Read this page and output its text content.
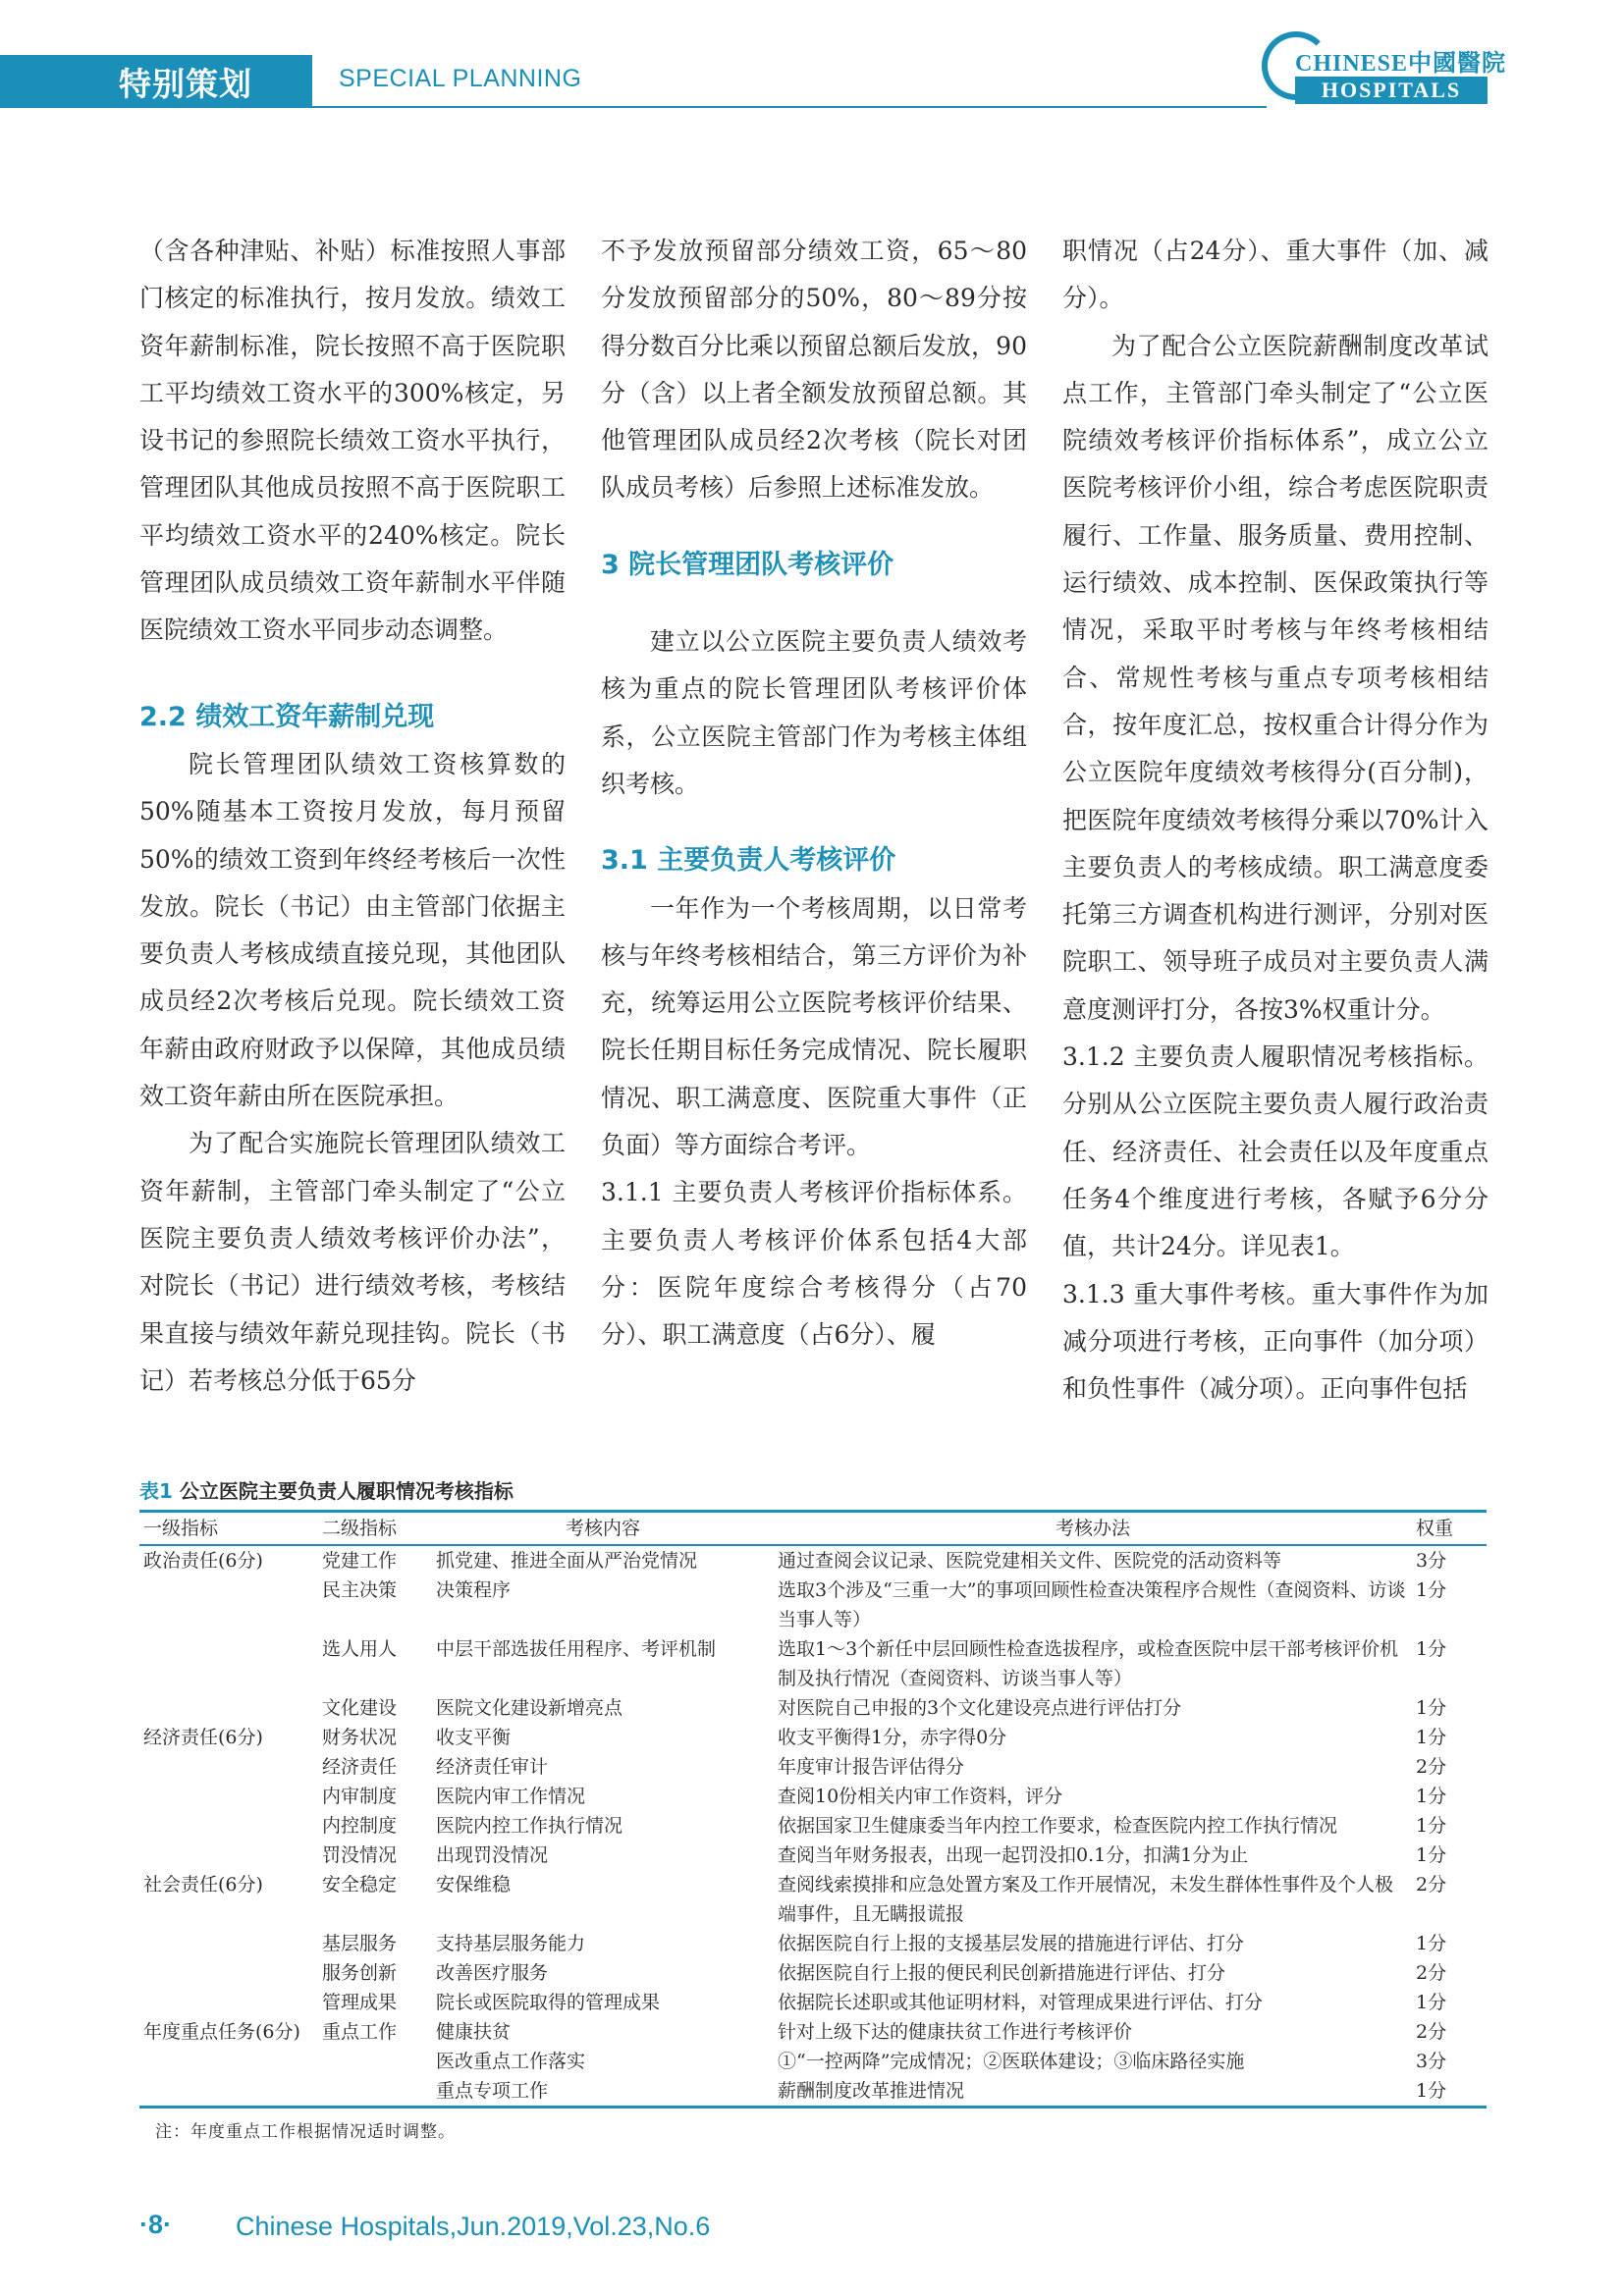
特别策划	SPECIAL PLANNING
CHINESE中國醫院
HOSPITALS

（含各种津贴、补贴）标准按照人事部门核定的标准执行，按月发放。绩效工资年薪制标准，院长按照不高于医院职工平均绩效工资水平的300%核定，另设书记的参照院长绩效工资水平执行，管理团队其他成员按照不高于医院职工平均绩效工资水平的240%核定。院长管理团队成员绩效工资年薪制水平伴随医院绩效工资水平同步动态调整。

2.2 绩效工资年薪制兑现

院长管理团队绩效工资核算数的50%随基本工资按月发放，每月预留50%的绩效工资到年终经考核后一次性发放。院长（书记）由主管部门依据主要负责人考核成绩直接兑现，其他团队成员经2次考核后兑现。院长绩效工资年薪由政府财政予以保障，其他成员绩效工资年薪由所在医院承担。

为了配合实施院长管理团队绩效工资年薪制，主管部门牵头制定了“公立医院主要负责人绩效考核评价办法”，对院长（书记）进行绩效考核，考核结果直接与绩效年薪兑现挂钩。院长（书记）若考核总分低于65分

不予发放预留部分绩效工资，65～80分发放预留部分的50%，80～89分按得分数百分比乘以预留总额后发放，90分（含）以上者全额发放预留总额。其他管理团队成员经2次考核（院长对团队成员考核）后参照上述标准发放。

3 院长管理团队考核评价

建立以公立医院主要负责人绩效考核为重点的院长管理团队考核评价体系，公立医院主管部门作为考核主体组织考核。

3.1 主要负责人考核评价

一年作为一个考核周期，以日常考核与年终考核相结合，第三方评价为补充，统筹运用公立医院考核评价结果、院长任期目标任务完成情况、院长履职情况、职工满意度、医院重大事件（正负面）等方面综合考评。

3.1.1 主要负责人考核评价指标体系。主要负责人考核评价体系包括4大部分：医院年度综合考核得分（占70分）、职工满意度（占6分）、履

职情况（占24分）、重大事件（加、减分）。

为了配合公立医院薪酬制度改革试点工作，主管部门牵头制定了“公立医院绩效考核评价指标体系”，成立公立医院考核评价小组，综合考虑医院职责履行、工作量、服务质量、费用控制、运行绩效、成本控制、医保政策执行等情况，采取平时考核与年终考核相结合、常规性考核与重点专项考核相结合，按年度汇总，按权重合计得分作为公立医院年度绩效考核得分(百分制)，把医院年度绩效考核得分乘以70%计入主要负责人的考核成绩。职工满意度委托第三方调查机构进行测评，分别对医院职工、领导班子成员对主要负责人满意度测评打分，各按3%权重计分。

3.1.2 主要负责人履职情况考核指标。分别从公立医院主要负责人履行政治责任、经济责任、社会责任以及年度重点任务4个维度进行考核，各赋予6分分值，共计24分。详见表1。

3.1.3 重大事件考核。重大事件作为加减分项进行考核，正向事件（加分项）和负性事件（减分项）。正向事件包括

表1 公立医院主要负责人履职情况考核指标
一级指标	二级指标	考核内容	考核办法	权重
政治责任(6分)	党建工作	抓党建、推进全面从严治党情况	通过查阅会议记录、医院党建相关文件、医院党的活动资料等	3分
	民主决策	决策程序	选取3个涉及“三重一大”的事项回顾性检查决策程序合规性（查阅资料、访谈当事人等）	1分
	选人用人	中层干部选拔任用程序、考评机制	选取1～3个新任中层回顾性检查选拔程序，或检查医院中层干部考核评价机制及执行情况（查阅资料、访谈当事人等）	1分
	文化建设	医院文化建设新增亮点	对医院自己申报的3个文化建设亮点进行评估打分	1分
经济责任(6分)	财务状况	收支平衡	收支平衡得1分，赤字得0分	1分
	经济责任	经济责任审计	年度审计报告评估得分	2分
	内审制度	医院内审工作情况	查阅10份相关内审工作资料，评分	1分
	内控制度	医院内控工作执行情况	依据国家卫生健康委当年内控工作要求，检查医院内控工作执行情况	1分
	罚没情况	出现罚没情况	查阅当年财务报表，出现一起罚没扣0.1分，扣满1分为止	1分
社会责任(6分)	安全稳定	安保维稳	查阅线索摸排和应急处置方案及工作开展情况，未发生群体性事件及个人极端事件，且无瞒报谎报	2分
	基层服务	支持基层服务能力	依据医院自行上报的支援基层发展的措施进行评估、打分	1分
	服务创新	改善医疗服务	依据医院自行上报的便民利民创新措施进行评估、打分	2分
	管理成果	院长或医院取得的管理成果	依据院长述职或其他证明材料，对管理成果进行评估、打分	1分
年度重点任务(6分)	重点工作	健康扶贫	针对上级下达的健康扶贫工作进行考核评价	2分
		医改重点工作落实	①“一控两降”完成情况；②医联体建设；③临床路径实施	3分
		重点专项工作	薪酬制度改革推进情况	1分
注：年度重点工作根据情况适时调整。
·8· Chinese Hospitals,Jun.2019,Vol.23,No.6
